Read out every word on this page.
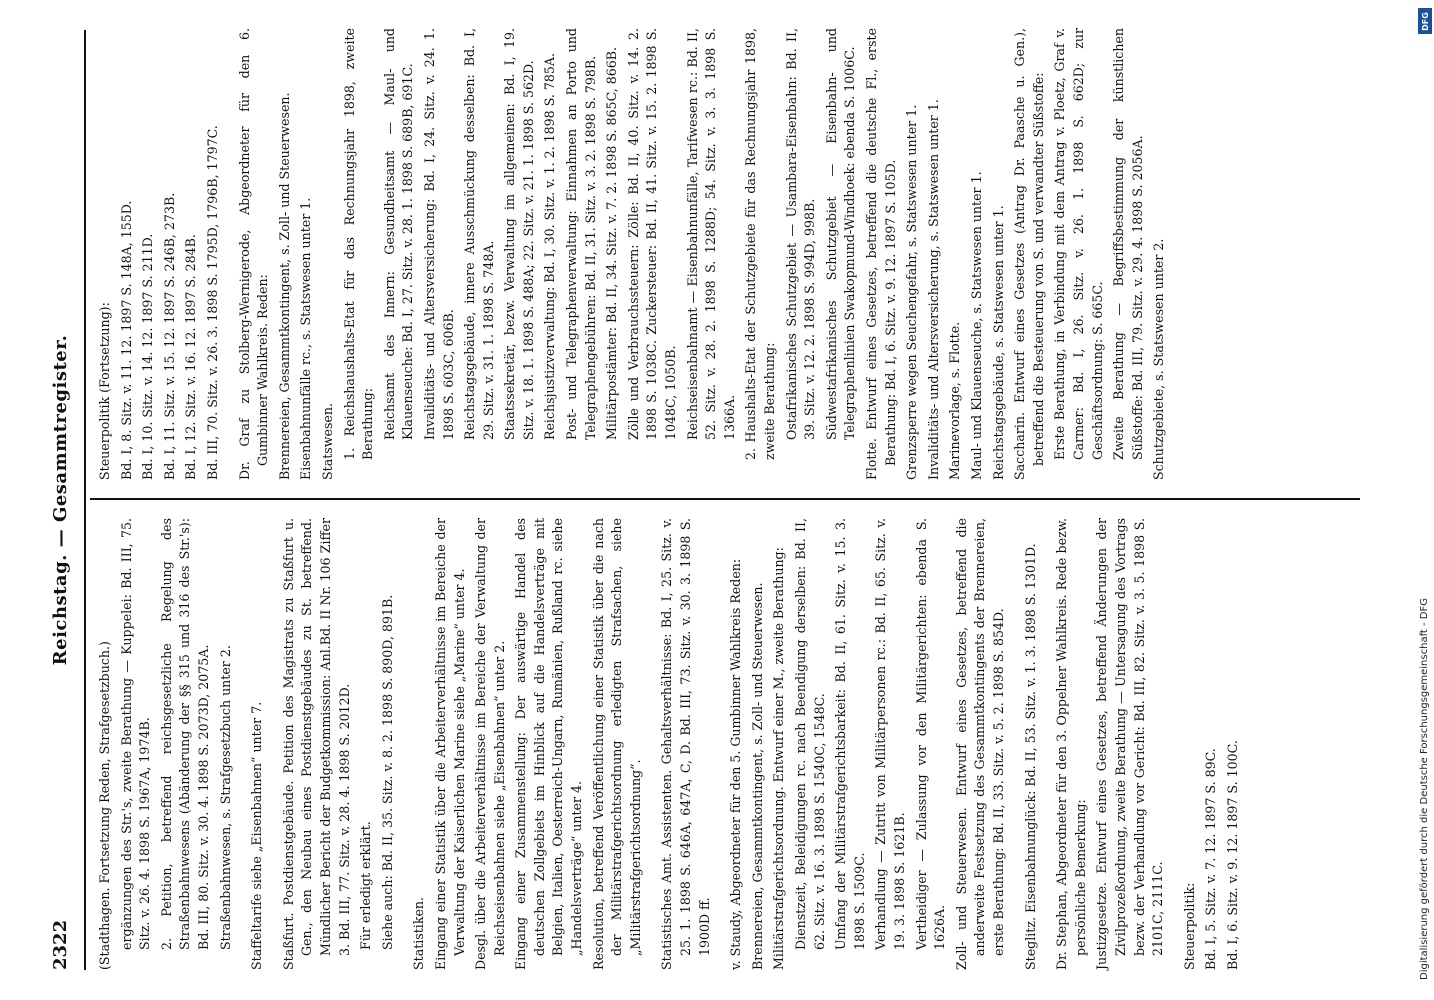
2322
Reichstag. — Gesammtregister.

(Stadthagen. Fortsetzung Reden, Strafgesetzbuch.) ergänzungen des Str.'s, zweite Berathung — Kuppelei: Bd. III, 75. Sitz. v. 26. 4. 1898 S. 1967A, 1974B. 2. Petition, betreffend reichsgesetzliche Regelung des Straßenbahnwesens (Abänderung der §§ 315 und 316 des Str.'s): Bd. III, 80. Sitz. v. 30. 4. 1898 S. 2073D, 2075A. Straßenbahnwesen, s. Strafgesetzbuch unter 2. Staffeltarife siehe „Eisenbahnen“ unter 7. Staßfurt. Postdienstgebäude. Petition des Magistrats zu Staßfurt u. Gen., den Neubau eines Postdienstgebäudes zu St. betreffend. Mündlicher Bericht der Budgetkommission: Anl.Bd. II Nr. 106 Ziffer 3. Bd. III, 77. Sitz. v. 28. 4. 1898 S. 2012D. Für erledigt erklärt. Siehe auch: Bd. II, 35. Sitz. v. 8. 2. 1898 S. 890D, 891B. Statistiken. Eingang einer Statistik über die Arbeiterverhältnisse im Bereiche der Verwaltung der Kaiserlichen Marine siehe „Marine“ unter 4. Desgl. über die Arbeiterverhältnisse im Bereiche der Verwaltung der Reichseisenbahnen siehe „Eisenbahnen“ unter 2. Eingang einer Zusammenstellung: Der auswärtige Handel des deutschen Zollgebiets im Hinblick auf die Handelsverträge mit Belgien, Italien, Oesterreich-Ungarn, Rumänien, Rußland rc. siehe „Handelsverträge“ unter 4. Resolution, betreffend Veröffentlichung einer Statistik über die nach der Militärstrafgerichtsordnung erledigten Strafsachen, siehe „Militärstrafgerichtsordnung“. Statistisches Amt. Assistenten. Gehaltsverhältnisse: Bd. I, 25. Sitz. v. 25. 1. 1898 S. 646A, 647A, C, D. Bd. III, 73. Sitz. v. 30. 3. 1898 S. 1900D ff. v. Staudy, Abgeordneter für den 5. Gumbinner Wahlkreis Reden: Brennereien, Gesammtkontingent, s. Zoll- und Steuerwesen. Militärstrafgerichtsordnung. Entwurf einer M., zweite Berathung: Dienstzeit, Beleidigungen rc. nach Beendigung derselben: Bd. II, 62. Sitz. v. 16. 3. 1898 S. 1540C, 1548C. Umfang der Militärstrafgerichtsbarkeit: Bd. II, 61. Sitz. v. 15. 3. 1898 S. 1509C. Verhandlung — Zutritt von Militärpersonen rc.: Bd. II, 65. Sitz. v. 19. 3. 1898 S. 1621B. Vertheidiger — Zulassung vor den Militärgerichten: ebenda S. 1626A. Zoll- und Steuerwesen. Entwurf eines Gesetzes, betreffend die anderweite Festsetzung des Gesammtkontingents der Brennereien, erste Berathung: Bd. II, 33. Sitz. v. 5. 2. 1898 S. 854D. Steglitz. Eisenbahnunglück: Bd. II, 53. Sitz. v. 1. 3. 1898 S. 1301D. Dr. Stephan, Abgeordneter für den 3. Oppelner Wahlkreis. Rede bezw. persönliche Bemerkung: Justizgesetze. Entwurf eines Gesetzes, betreffend Änderungen der Zivilprozeßordnung, zweite Berathung — Untersagung des Vortrags bezw. der Verhandlung vor Gericht: Bd. III, 82. Sitz. v. 3. 5. 1898 S. 2101C, 2111C. Steuerpolitik: Bd. I, 5. Sitz. v. 7. 12. 1897 S. 89C. Bd. I, 6. Sitz. v. 9. 12. 1897 S. 100C.

Steuerpolitik (Fortsetzung): Bd. I, 8. Sitz. v. 11. 12. 1897 S. 148A, 155D. Bd. I, 10. Sitz. v. 14. 12. 1897 S. 211D. Bd. I, 11. Sitz. v. 15. 12. 1897 S. 246B, 273B. Bd. I, 12. Sitz. v. 16. 12. 1897 S. 284B. Bd. III, 70. Sitz. v. 26. 3. 1898 S. 1795D, 1796B, 1797C. Dr. Graf zu Stolberg-Wernigerode, Abgeordneter für den 6. Gumbinner Wahlkreis. Reden: Brennereien, Gesammtkontingent, s. Zoll- und Steuerwesen. Eisenbahnunfälle rc., s. Statswesen unter 1. Statswesen. 1. Reichshaushalts-Etat für das Rechnungsjahr 1898, zweite Berathung: Reichsamt des Innern: Gesundheitsamt — Maul- und Klauenseuche: Bd. I, 27. Sitz. v. 28. 1. 1898 S. 689B, 691C. Invaliditäts- und Altersversicherung: Bd. I, 24. Sitz. v. 24. 1. 1898 S. 603C, 606B. Reichstagsgebäude, innere Ausschmückung desselben: Bd. I, 29. Sitz. v. 31. 1. 1898 S. 748A. Staatssekretär, bezw. Verwaltung im allgemeinen: Bd. I, 19. Sitz. v. 18. 1. 1898 S. 488A; 22. Sitz. v. 21. 1. 1898 S. 562D. Reichsjustizverwaltung: Bd. I, 30. Sitz. v. 1. 2. 1898 S. 785A. Post- und Telegraphenverwaltung: Einnahmen an Porto und Telegraphengebühren: Bd. II, 31. Sitz. v. 3. 2. 1898 S. 798B. Militärpostämter: Bd. II, 34. Sitz. v. 7. 2. 1898 S. 865C, 866B. Zölle und Verbrauchssteuern: Zölle: Bd. II, 40. Sitz. v. 14. 2. 1898 S. 1038C. Zuckersteuer: Bd. II, 41. Sitz. v. 15. 2. 1898 S. 1048C, 1050B. Reichseisenbahnamt — Eisenbahnunfälle, Tarifwesen rc.: Bd. II, 52. Sitz. v. 28. 2. 1898 S. 1288D; 54. Sitz. v. 3. 3. 1898 S. 1366A. 2. Haushalts-Etat der Schutzgebiete für das Rechnungsjahr 1898, zweite Berathung: Ostafrikanisches Schutzgebiet — Usambara-Eisenbahn: Bd. II, 39. Sitz. v. 12. 2. 1898 S. 994D, 998B. Südwestafrikanisches Schutzgebiet — Eisenbahn- und Telegraphenlinien Swakopmund-Windhoek: ebenda S. 1006C. Flotte. Entwurf eines Gesetzes, betreffend die deutsche Fl., erste Berathung: Bd. I, 6. Sitz. v. 9. 12. 1897 S. 105D. Grenzsperre wegen Seuchengefahr, s. Statswesen unter 1. Invaliditäts- und Altersversicherung, s. Statswesen unter 1. Marinevorlage, s. Flotte. Maul- und Klauenseuche, s. Statswesen unter 1. Reichstagsgebäude, s. Statswesen unter 1. Saccharin. Entwurf eines Gesetzes (Antrag Dr. Paasche u. Gen.), betreffend die Besteuerung von S. und verwandter Süßstoffe: Erste Berathung, in Verbindung mit dem Antrag v. Ploetz, Graf v. Carmer: Bd. I, 26. Sitz. v. 26. 1. 1898 S. 662D; zur Geschäftsordnung: S. 665C. Zweite Berathung — Begriffsbestimmung der künstlichen Süßstoffe: Bd. III, 79. Sitz. v. 29. 4. 1898 S. 2056A. Schutzgebiete, s. Statswesen unter 2.

DFG
Digitalisierung gefördert durch die Deutsche Forschungsgemeinschaft - DFG
